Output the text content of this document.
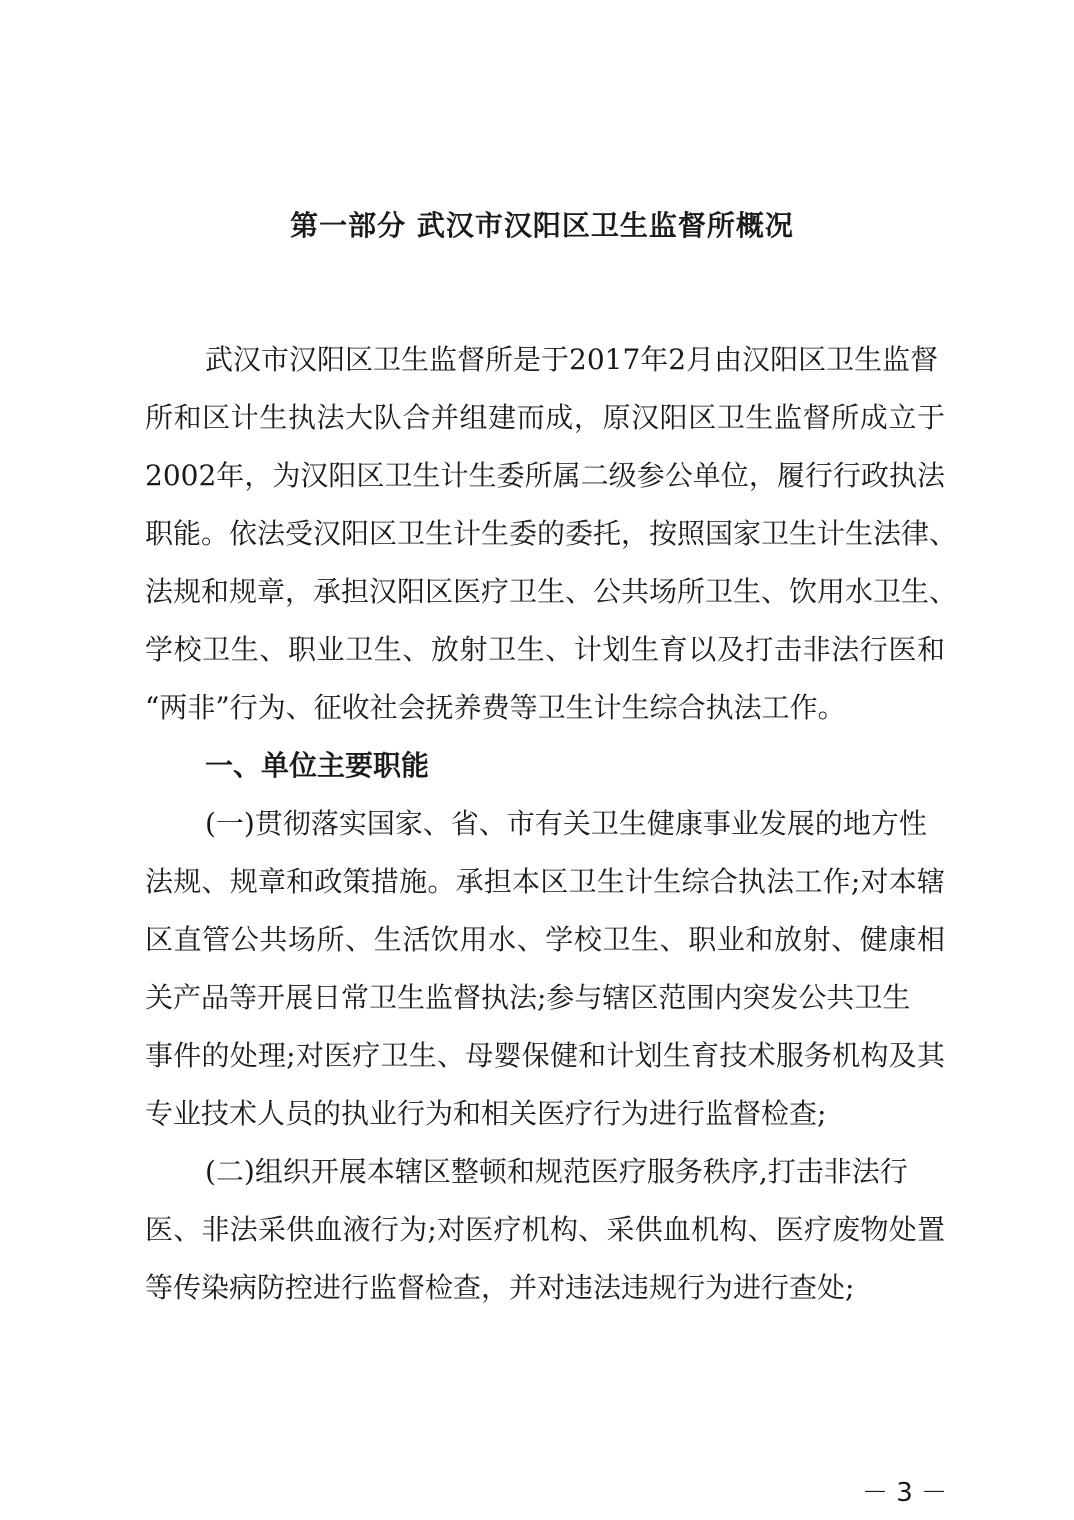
第一部分 武汉市汉阳区卫生监督所概况
武汉市汉阳区卫生监督所是于2017年2月由汉阳区卫生监督
所和区计生执法大队合并组建而成，原汉阳区卫生监督所成立于
2002年，为汉阳区卫生计生委所属二级参公单位，履行行政执法
职能。依法受汉阳区卫生计生委的委托，按照国家卫生计生法律、
法规和规章，承担汉阳区医疗卫生、公共场所卫生、饮用水卫生、
学校卫生、职业卫生、放射卫生、计划生育以及打击非法行医和
“两非”行为、征收社会抚养费等卫生计生综合执法工作。
一、单位主要职能
(一)贯彻落实国家、省、市有关卫生健康事业发展的地方性
法规、规章和政策措施。承担本区卫生计生综合执法工作;对本辖
区直管公共场所、生活饮用水、学校卫生、职业和放射、健康相
关产品等开展日常卫生监督执法;参与辖区范围内突发公共卫生
事件的处理;对医疗卫生、母婴保健和计划生育技术服务机构及其
专业技术人员的执业行为和相关医疗行为进行监督检查;
(二)组织开展本辖区整顿和规范医疗服务秩序,打击非法行
医、非法采供血液行为;对医疗机构、采供血机构、医疗废物处置
等传染病防控进行监督检查，并对违法违规行为进行查处;
－ 3 －
